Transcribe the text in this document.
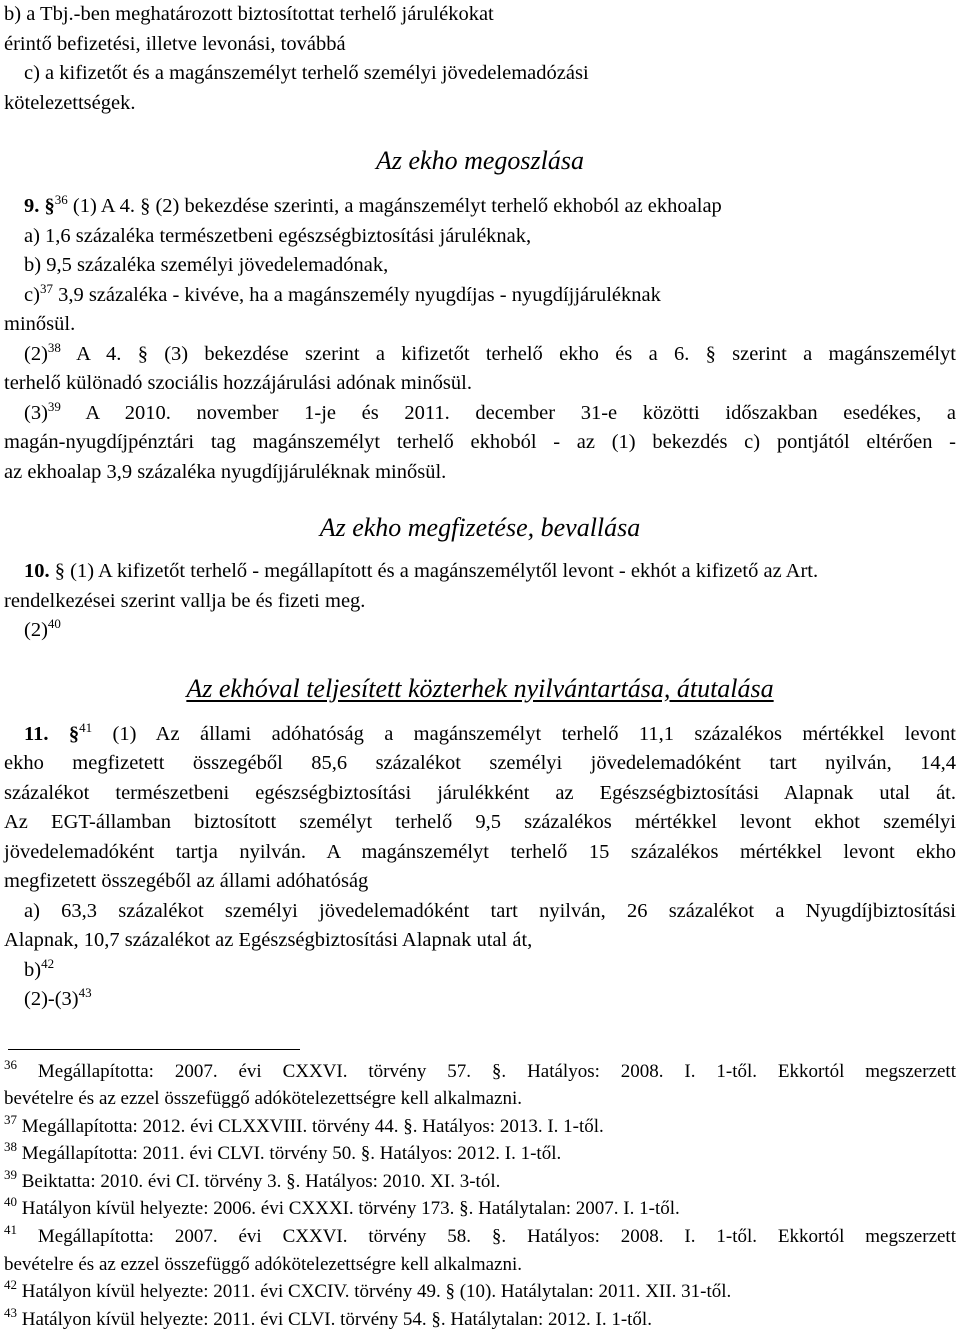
b) a Tbj.-ben meghatározott biztosítottat terhelő járulékokat

érintő befizetési, illetve levonási, továbbá

c) a kifizetőt és a magánszemélyt terhelő személyi jövedelemadózási

kötelezettségek.

Az ekho megoszlása

9. §$^{36}$ (1) A 4. § (2) bekezdése szerinti, a magánszemélyt terhelő ekhoból az ekhoalap

a) 1,6 százaléka természetbeni egészségbiztosítási járuléknak,

b) 9,5 százaléka személyi jövedelemadónak,

c)$^{37}$ 3,9 százaléka - kivéve, ha a magánszemély nyugdíjas - nyugdíjjáruléknak

minősül.

$(2)^{38}$ A 4. § (3) bekezdése szerint a kifizetőt terhelő ekho és a 6. § szerint a magánszemélyt

terhelő különadó szociális hozzájárulási adónak minősül.

$(3)^{39}$ A 2010. november 1-je és 2011. december 31-e közötti időszakban esedékes, a

magán-nyugdíjpénztári tag magánszemélyt terhelő ekhoból - az (1) bekezdés c) pontjától eltérően -

az ekhoalap 3,9 százaléka nyugdíjjáruléknak minősül.

Az ekho megfizetése, bevallása

10. § (1) A kifizetőt terhelő - megállapított és a magánszemélytől levont - ekhót a kifizető az Art.

rendelkezései szerint vallja be és fizeti meg.

$(2)^{40}$

Az ekhóval teljesített közterhek nyilvántartása, átutalása

11. §$^{41}$ (1) Az állami adóhatóság a magánszemélyt terhelő 11,1 százalékos mértékkel levont

ekho megfizetett összegéből 85,6 százalékot személyi jövedelemadóként tart nyilván, 14,4

százalékot természetbeni egészségbiztosítási járulékként az Egészségbiztosítási Alapnak utal át.

Az EGT-államban biztosított személyt terhelő 9,5 százalékos mértékkel levont ekhot személyi

jövedelemadóként tartja nyilván. A magánszemélyt terhelő 15 százalékos mértékkel levont ekho

megfizetett összegéből az állami adóhatóság

a) 63,3 százalékot személyi jövedelemadóként tart nyilván, 26 százalékot a Nyugdíjbiztosítási

Alapnak, 10,7 százalékot az Egészségbiztosítási Alapnak utal át,

b)$^{42}$

$(2)-(3)^{43}$

$^{36}$ Megállapította: 2007. évi CXXVI. törvény 57. §. Hatályos: 2008. I. 1-től. Ekkortól megszerzett

bevételre és az ezzel összefüggő adókötelezettségre kell alkalmazni.

$^{37}$ Megállapította: 2012. évi CLXXVIII. törvény 44. §. Hatályos: 2013. I. 1-től.

$^{38}$ Megállapította: 2011. évi CLVI. törvény 50. §. Hatályos: 2012. I. 1-től.

$^{39}$ Beiktatta: 2010. évi CI. törvény 3. §. Hatályos: 2010. XI. 3-tól.

$^{40}$ Hatályon kívül helyezte: 2006. évi CXXXI. törvény 173. §. Hatálytalan: 2007. I. 1-től.

$^{41}$ Megállapította: 2007. évi CXXVI. törvény 58. §. Hatályos: 2008. I. 1-től. Ekkortól megszerzett

bevételre és az ezzel összefüggő adókötelezettségre kell alkalmazni.

$^{42}$ Hatályon kívül helyezte: 2011. évi CXCIV. törvény 49. § (10). Hatálytalan: 2011. XII. 31-től.

$^{43}$ Hatályon kívül helyezte: 2011. évi CLVI. törvény 54. §. Hatálytalan: 2012. I. 1-től.
